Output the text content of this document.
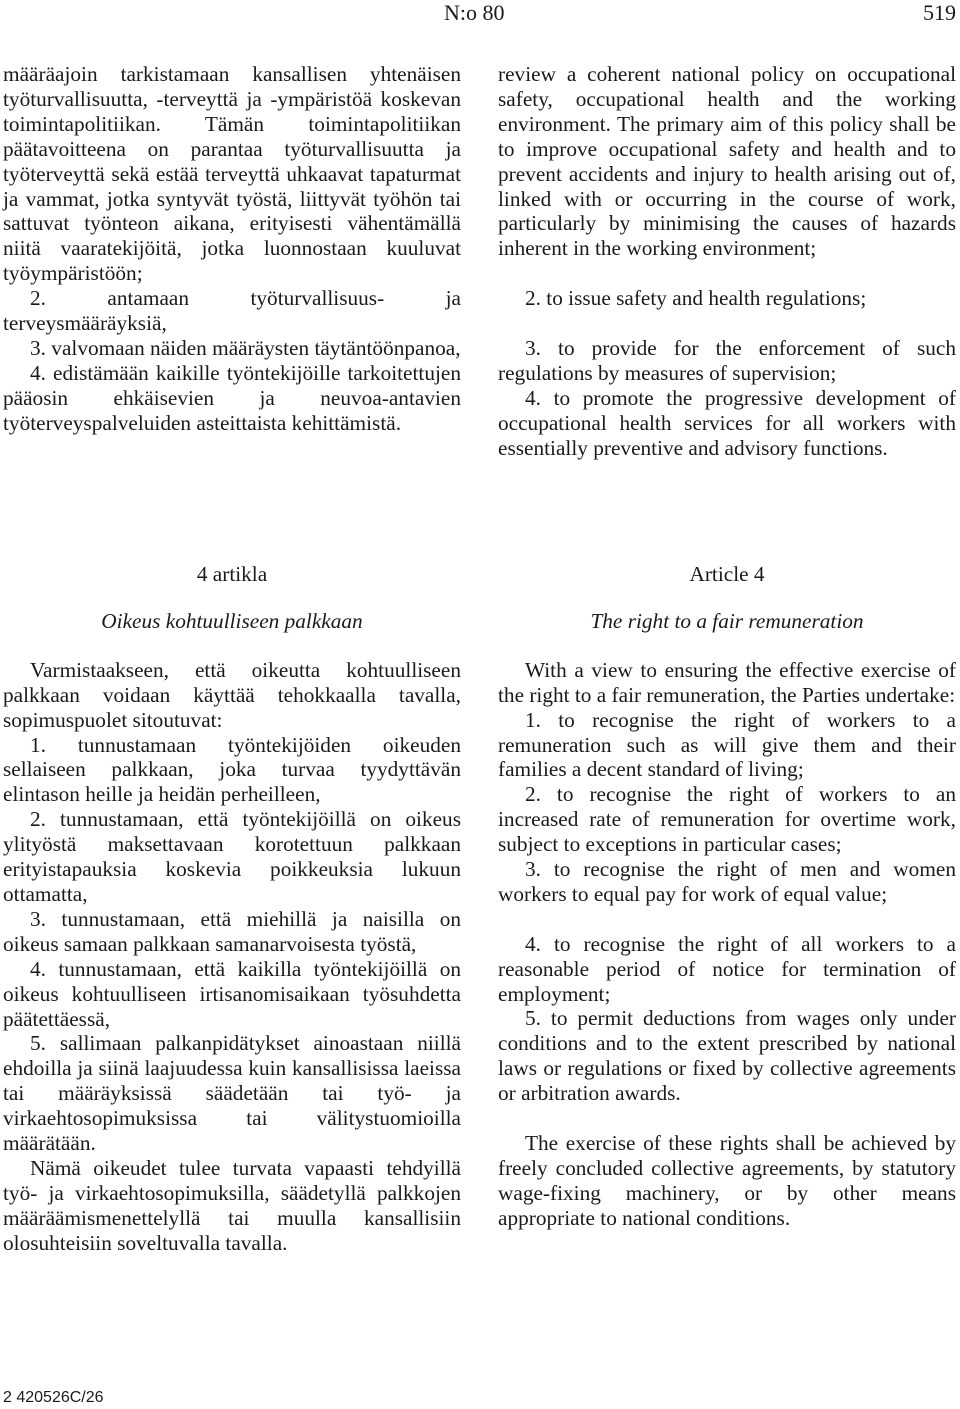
N:o 80	519

määräajoin tarkistamaan kansallisen yhtenäisen työturvallisuutta, -terveyttä ja -ympäristöä koskevan toimintapolitiikan. Tämän toimintapolitiikan päätavoitteena on parantaa työturvallisuutta ja työterveyttä sekä estää terveyttä uhkaavat tapaturmat ja vammat, jotka syntyvät työstä, liittyvät työhön tai sattuvat työnteon aikana, erityisesti vähentämällä niitä vaaratekijöitä, jotka luonnostaan kuuluvat työympäristöön;

2. antamaan työturvallisuus- ja terveysmääräyksiä,

3. valvomaan näiden määräysten täytäntöönpanoa,

4. edistämään kaikille työntekijöille tarkoitettujen pääosin ehkäisevien ja neuvoa-antavien työterveyspalveluiden asteittaista kehittämistä.

review a coherent national policy on occupational safety, occupational health and the working environment. The primary aim of this policy shall be to improve occupational safety and health and to prevent accidents and injury to health arising out of, linked with or occurring in the course of work, particularly by minimising the causes of hazards inherent in the working environment;

2. to issue safety and health regulations;

3. to provide for the enforcement of such regulations by measures of supervision;

4. to promote the progressive development of occupational health services for all workers with essentially preventive and advisory functions.

4 artikla

Oikeus kohtuulliseen palkkaan

Varmistaakseen, että oikeutta kohtuulliseen palkkaan voidaan käyttää tehokkaalla tavalla, sopimuspuolet sitoutuvat:

1. tunnustamaan työntekijöiden oikeuden sellaiseen palkkaan, joka turvaa tyydyttävän elintason heille ja heidän perheilleen,

2. tunnustamaan, että työntekijöillä on oikeus ylityöstä maksettavaan korotettuun palkkaan erityistapauksia koskevia poikkeuksia lukuun ottamatta,

3. tunnustamaan, että miehillä ja naisilla on oikeus samaan palkkaan samanarvoisesta työstä,

4. tunnustamaan, että kaikilla työntekijöillä on oikeus kohtuulliseen irtisanomisaikaan työsuhdetta päätettäessä,

5. sallimaan palkanpidätykset ainoastaan niillä ehdoilla ja siinä laajuudessa kuin kansallisissa laeissa tai määräyksissä säädetään tai työ- ja virkaehtosopimuksissa tai välitystuomioilla määrätään.

Nämä oikeudet tulee turvata vapaasti tehdyillä työ- ja virkaehtosopimuksilla, säädetyllä palkkojen määräämismenettelyllä tai muulla kansallisiin olosuhteisiin soveltuvalla tavalla.

Article 4

The right to a fair remuneration

With a view to ensuring the effective exercise of the right to a fair remuneration, the Parties undertake:

1. to recognise the right of workers to a remuneration such as will give them and their families a decent standard of living;

2. to recognise the right of workers to an increased rate of remuneration for overtime work, subject to exceptions in particular cases;

3. to recognise the right of men and women workers to equal pay for work of equal value;

4. to recognise the right of all workers to a reasonable period of notice for termination of employment;

5. to permit deductions from wages only under conditions and to the extent prescribed by national laws or regulations or fixed by collective agreements or arbitration awards.

The exercise of these rights shall be achieved by freely concluded collective agreements, by statutory wage-fixing machinery, or by other means appropriate to national conditions.

2 420526C/26
